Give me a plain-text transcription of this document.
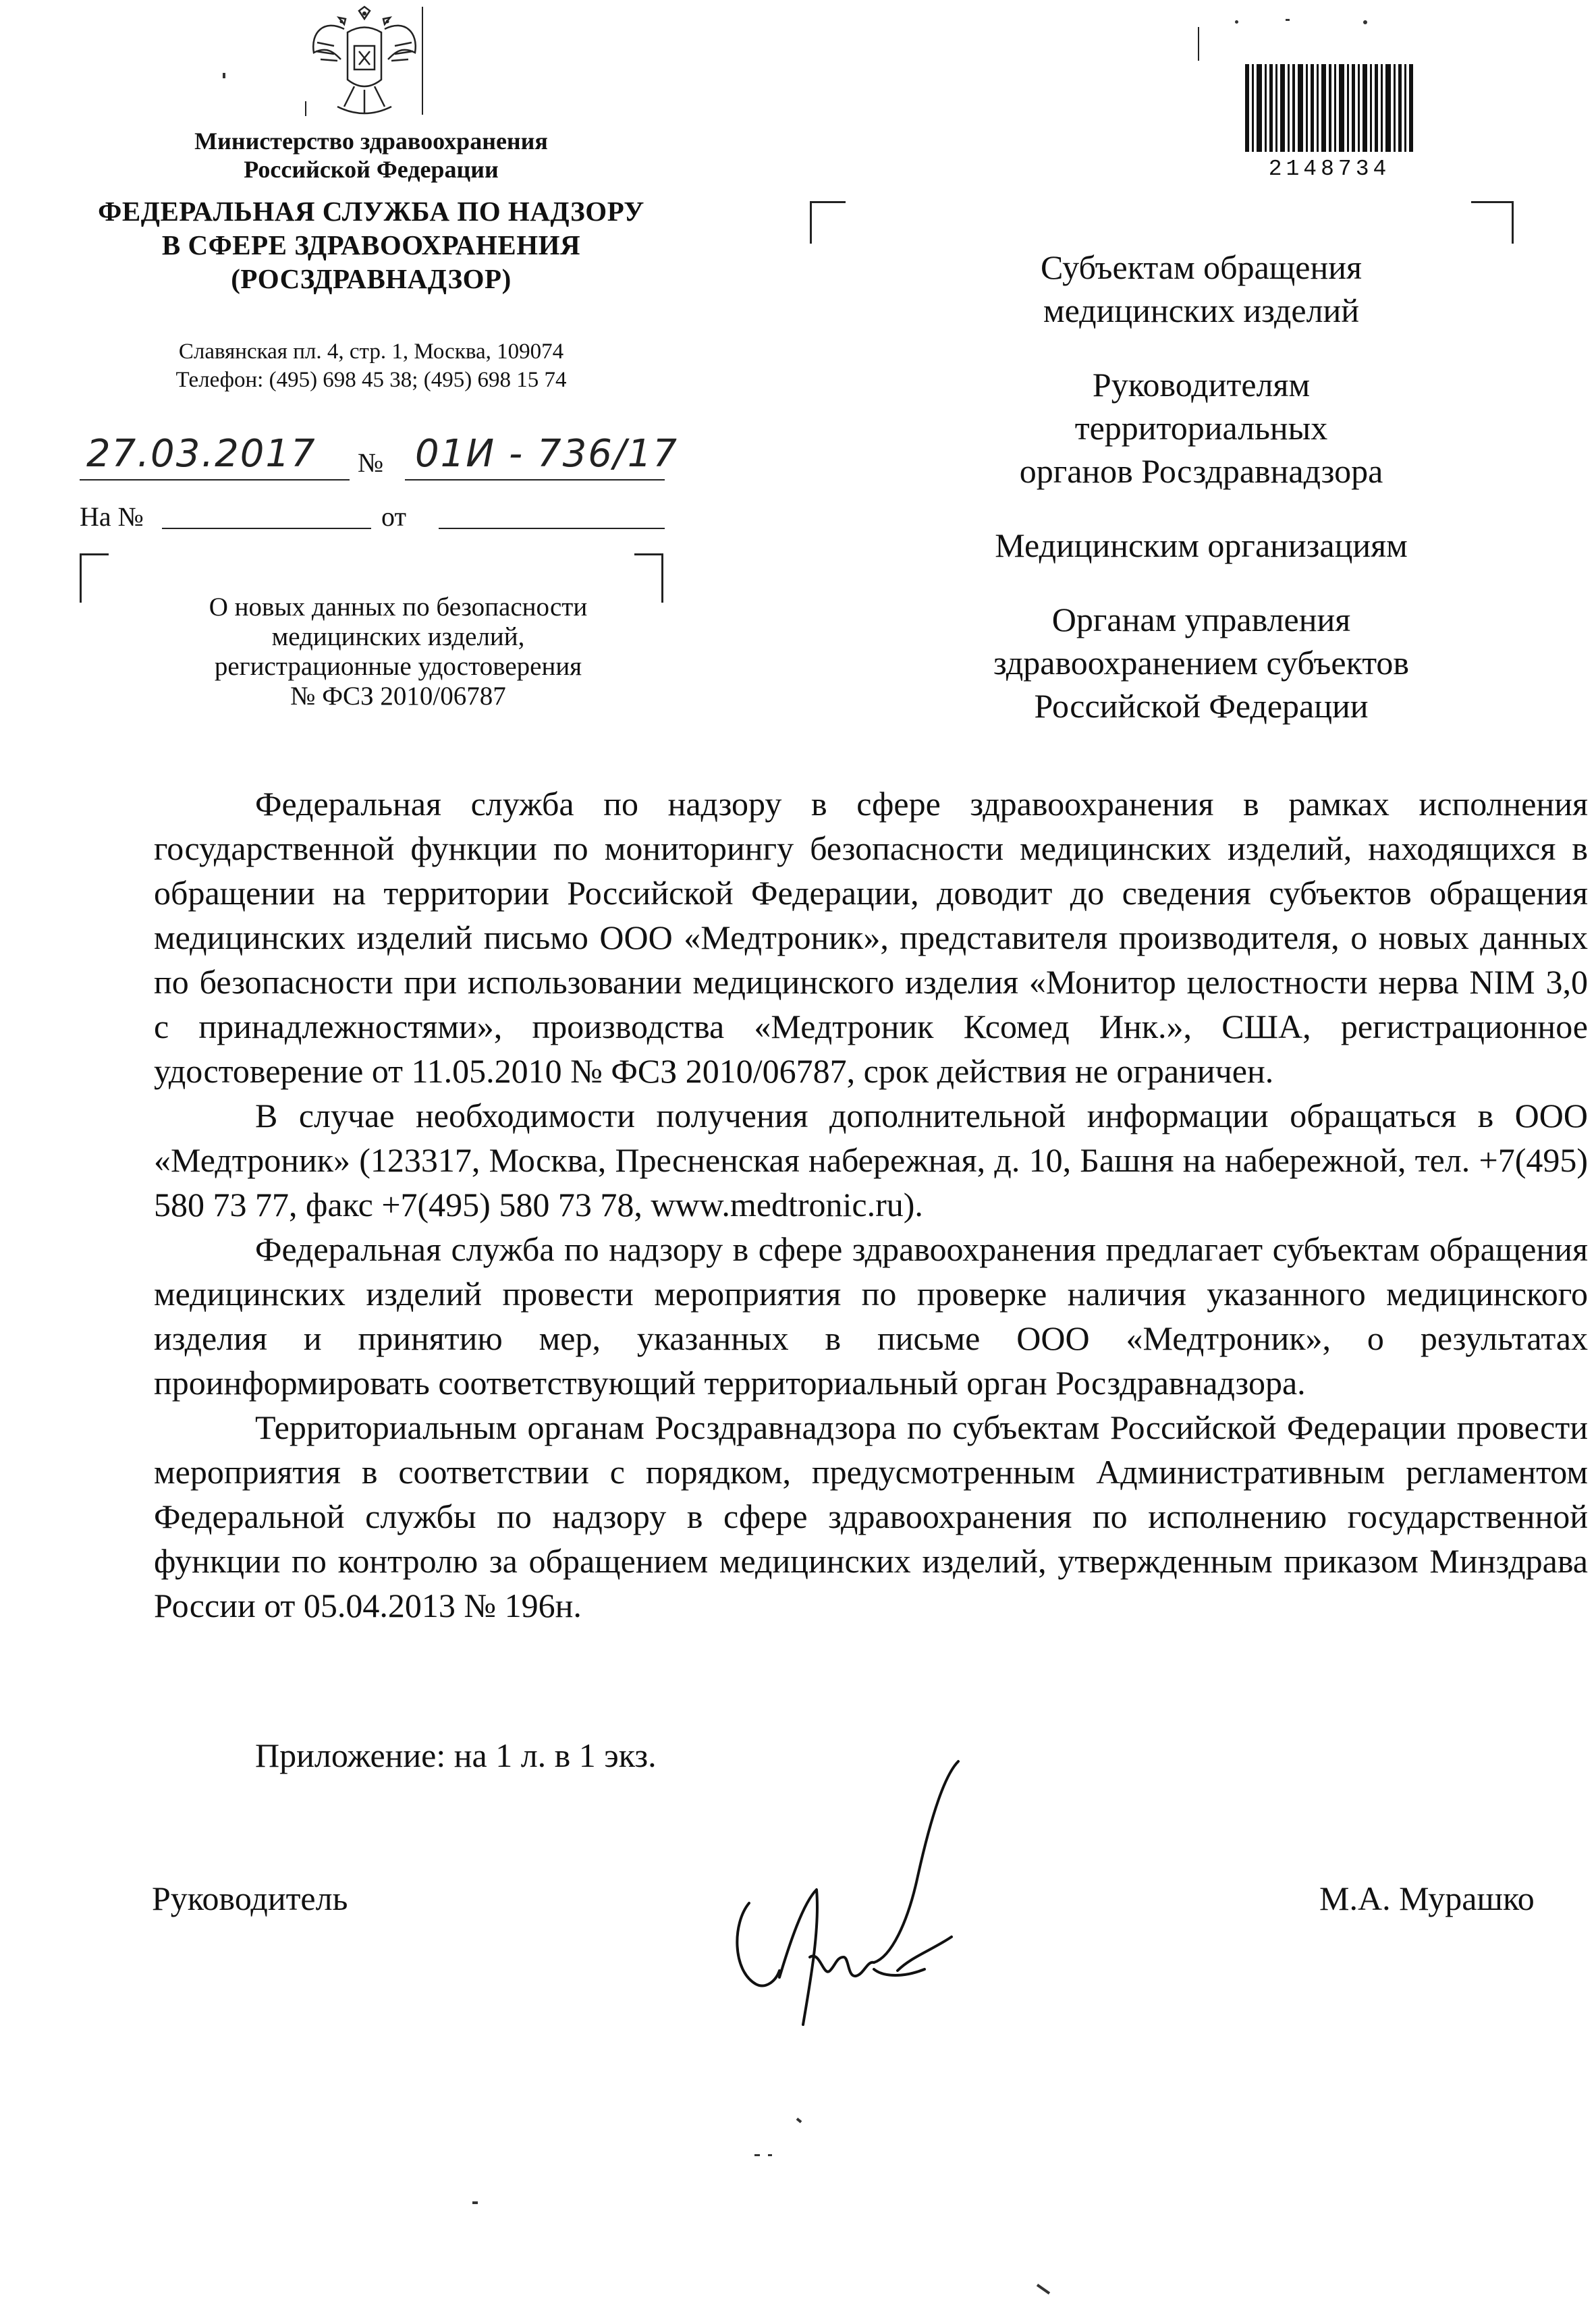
Министерство здравоохранения
Российской Федерации
ФЕДЕРАЛЬНАЯ СЛУЖБА ПО НАДЗОРУ
В СФЕРЕ ЗДРАВООХРАНЕНИЯ
(РОСЗДРАВНАДЗОР)
Славянская пл. 4, стр. 1, Москва, 109074
Телефон: (495) 698 45 38; (495) 698 15 74
27.03.2017 № 01И - 736/17
На №	от
О новых данных по безопасности
медицинских изделий,
регистрационные удостоверения
№ ФСЗ 2010/06787
2148734
Субъектам обращения
медицинских изделий
Руководителям
территориальных
органов Росздравнадзора
Медицинским организациям
Органам управления
здравоохранением субъектов
Российской Федерации

Федеральная служба по надзору в сфере здравоохранения в рамках исполнения государственной функции по мониторингу безопасности медицинских изделий, находящихся в обращении на территории Российской Федерации, доводит до сведения субъектов обращения медицинских изделий письмо ООО «Медтроник», представителя производителя, о новых данных по безопасности при использовании медицинского изделия «Монитор целостности нерва NIM 3,0 с принадлежностями», производства «Медтроник Ксомед Инк.», США, регистрационное удостоверение от 11.05.2010 № ФСЗ 2010/06787, срок действия не ограничен.

В случае необходимости получения дополнительной информации обращаться в ООО «Медтроник» (123317, Москва, Пресненская набережная, д. 10, Башня на набережной, тел. +7(495) 580 73 77, факс +7(495) 580 73 78, www.medtronic.ru).

Федеральная служба по надзору в сфере здравоохранения предлагает субъектам обращения медицинских изделий провести мероприятия по проверке наличия указанного медицинского изделия и принятию мер, указанных в письме ООО «Медтроник», о результатах проинформировать соответствующий территориальный орган Росздравнадзора.

Территориальным органам Росздравнадзора по субъектам Российской Федерации провести мероприятия в соответствии с порядком, предусмотренным Административным регламентом Федеральной службы по надзору в сфере здравоохранения по исполнению государственной функции по контролю за обращением медицинских изделий, утвержденным приказом Минздрава России от 05.04.2013 № 196н.

Приложение: на 1 л. в 1 экз.
Руководитель	М.А. Мурашко
